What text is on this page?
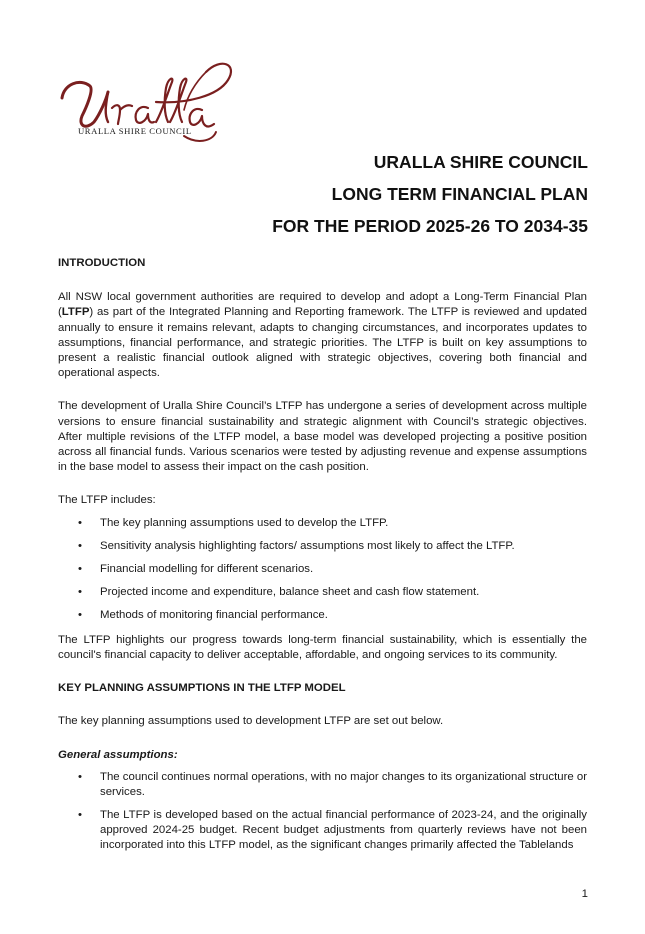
URALLA SHIRE COUNCIL
URALLA SHIRE COUNCIL
LONG TERM FINANCIAL PLAN
FOR THE PERIOD 2025-26 TO 2034-35
INTRODUCTION

All NSW local government authorities are required to develop and adopt a Long-Term Financial Plan (LTFP) as part of the Integrated Planning and Reporting framework. The LTFP is reviewed and updated annually to ensure it remains relevant, adapts to changing circumstances, and incorporates updates to assumptions, financial performance, and strategic priorities. The LTFP is built on key assumptions to present a realistic financial outlook aligned with strategic objectives, covering both financial and operational aspects.

The development of Uralla Shire Council’s LTFP has undergone a series of development across multiple versions to ensure financial sustainability and strategic alignment with Council’s strategic objectives. After multiple revisions of the LTFP model, a base model was developed projecting a positive position across all financial funds. Various scenarios were tested by adjusting revenue and expense assumptions in the base model to assess their impact on the cash position.

The LTFP includes:

• The key planning assumptions used to develop the LTFP.
• Sensitivity analysis highlighting factors/ assumptions most likely to affect the LTFP.
• Financial modelling for different scenarios.
• Projected income and expenditure, balance sheet and cash flow statement.
• Methods of monitoring financial performance.

The LTFP highlights our progress towards long-term financial sustainability, which is essentially the council's financial capacity to deliver acceptable, affordable, and ongoing services to its community.

KEY PLANNING ASSUMPTIONS IN THE LTFP MODEL

The key planning assumptions used to development LTFP are set out below.

General assumptions:

• The council continues normal operations, with no major changes to its organizational structure or services.
• The LTFP is developed based on the actual financial performance of 2023-24, and the originally approved 2024-25 budget. Recent budget adjustments from quarterly reviews have not been incorporated into this LTFP model, as the significant changes primarily affected the Tablelands
1
